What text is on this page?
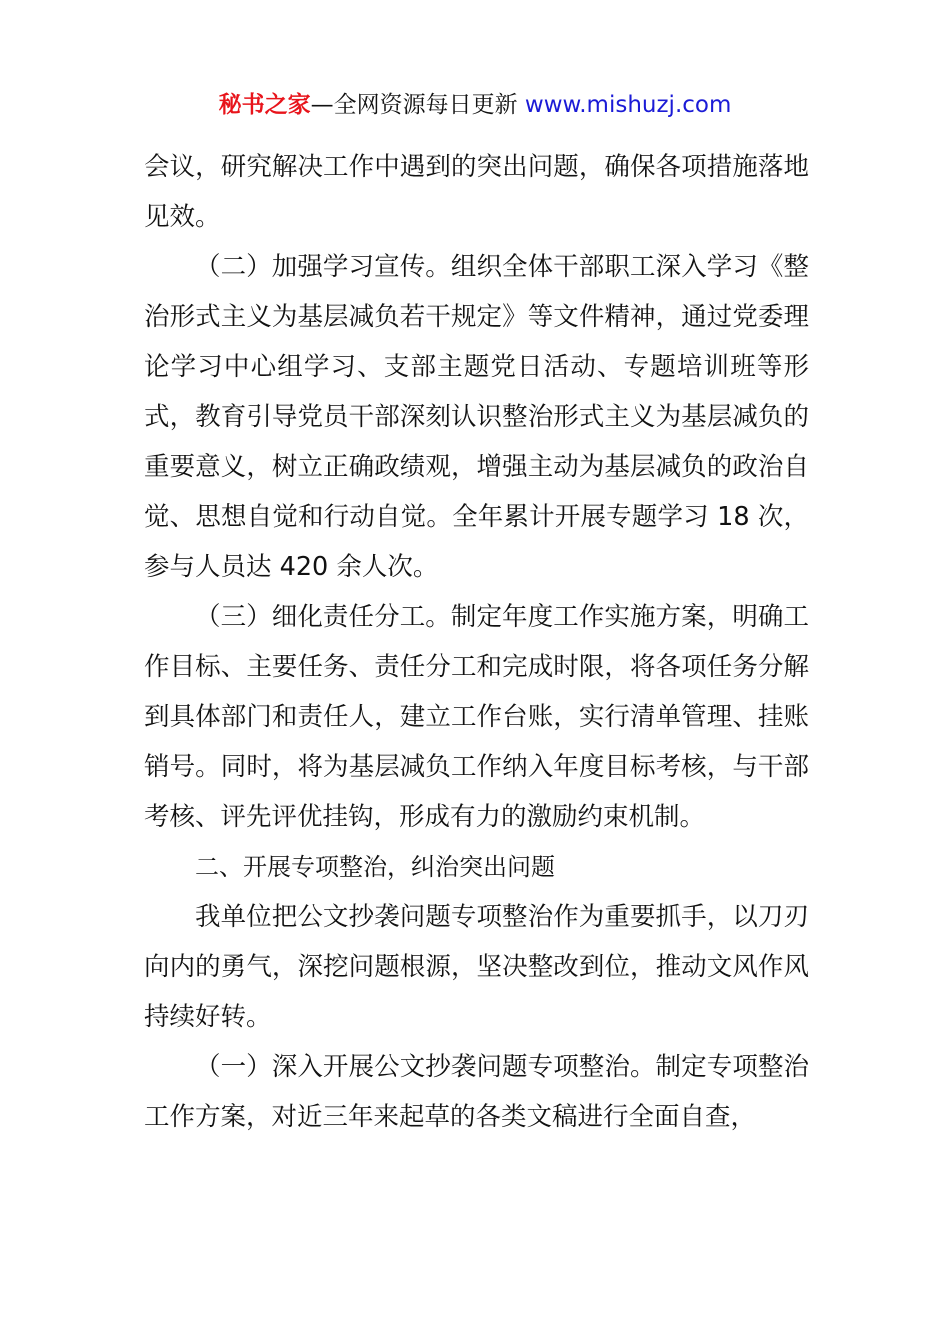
秘书之家—全网资源每日更新 www.mishuzj.com

会议，研究解决工作中遇到的突出问题，确保各项措施落地见效。

（二）加强学习宣传。组织全体干部职工深入学习《整治形式主义为基层减负若干规定》等文件精神，通过党委理论学习中心组学习、支部主题党日活动、专题培训班等形式，教育引导党员干部深刻认识整治形式主义为基层减负的重要意义，树立正确政绩观，增强主动为基层减负的政治自觉、思想自觉和行动自觉。全年累计开展专题学习 18 次，参与人员达 420 余人次。

（三）细化责任分工。制定年度工作实施方案，明确工作目标、主要任务、责任分工和完成时限，将各项任务分解到具体部门和责任人，建立工作台账，实行清单管理、挂账销号。同时，将为基层减负工作纳入年度目标考核，与干部考核、评先评优挂钩，形成有力的激励约束机制。

二、开展专项整治，纠治突出问题

我单位把公文抄袭问题专项整治作为重要抓手，以刀刃向内的勇气，深挖问题根源，坚决整改到位，推动文风作风持续好转。

（一）深入开展公文抄袭问题专项整治。制定专项整治工作方案，对近三年来起草的各类文稿进行全面自查，
